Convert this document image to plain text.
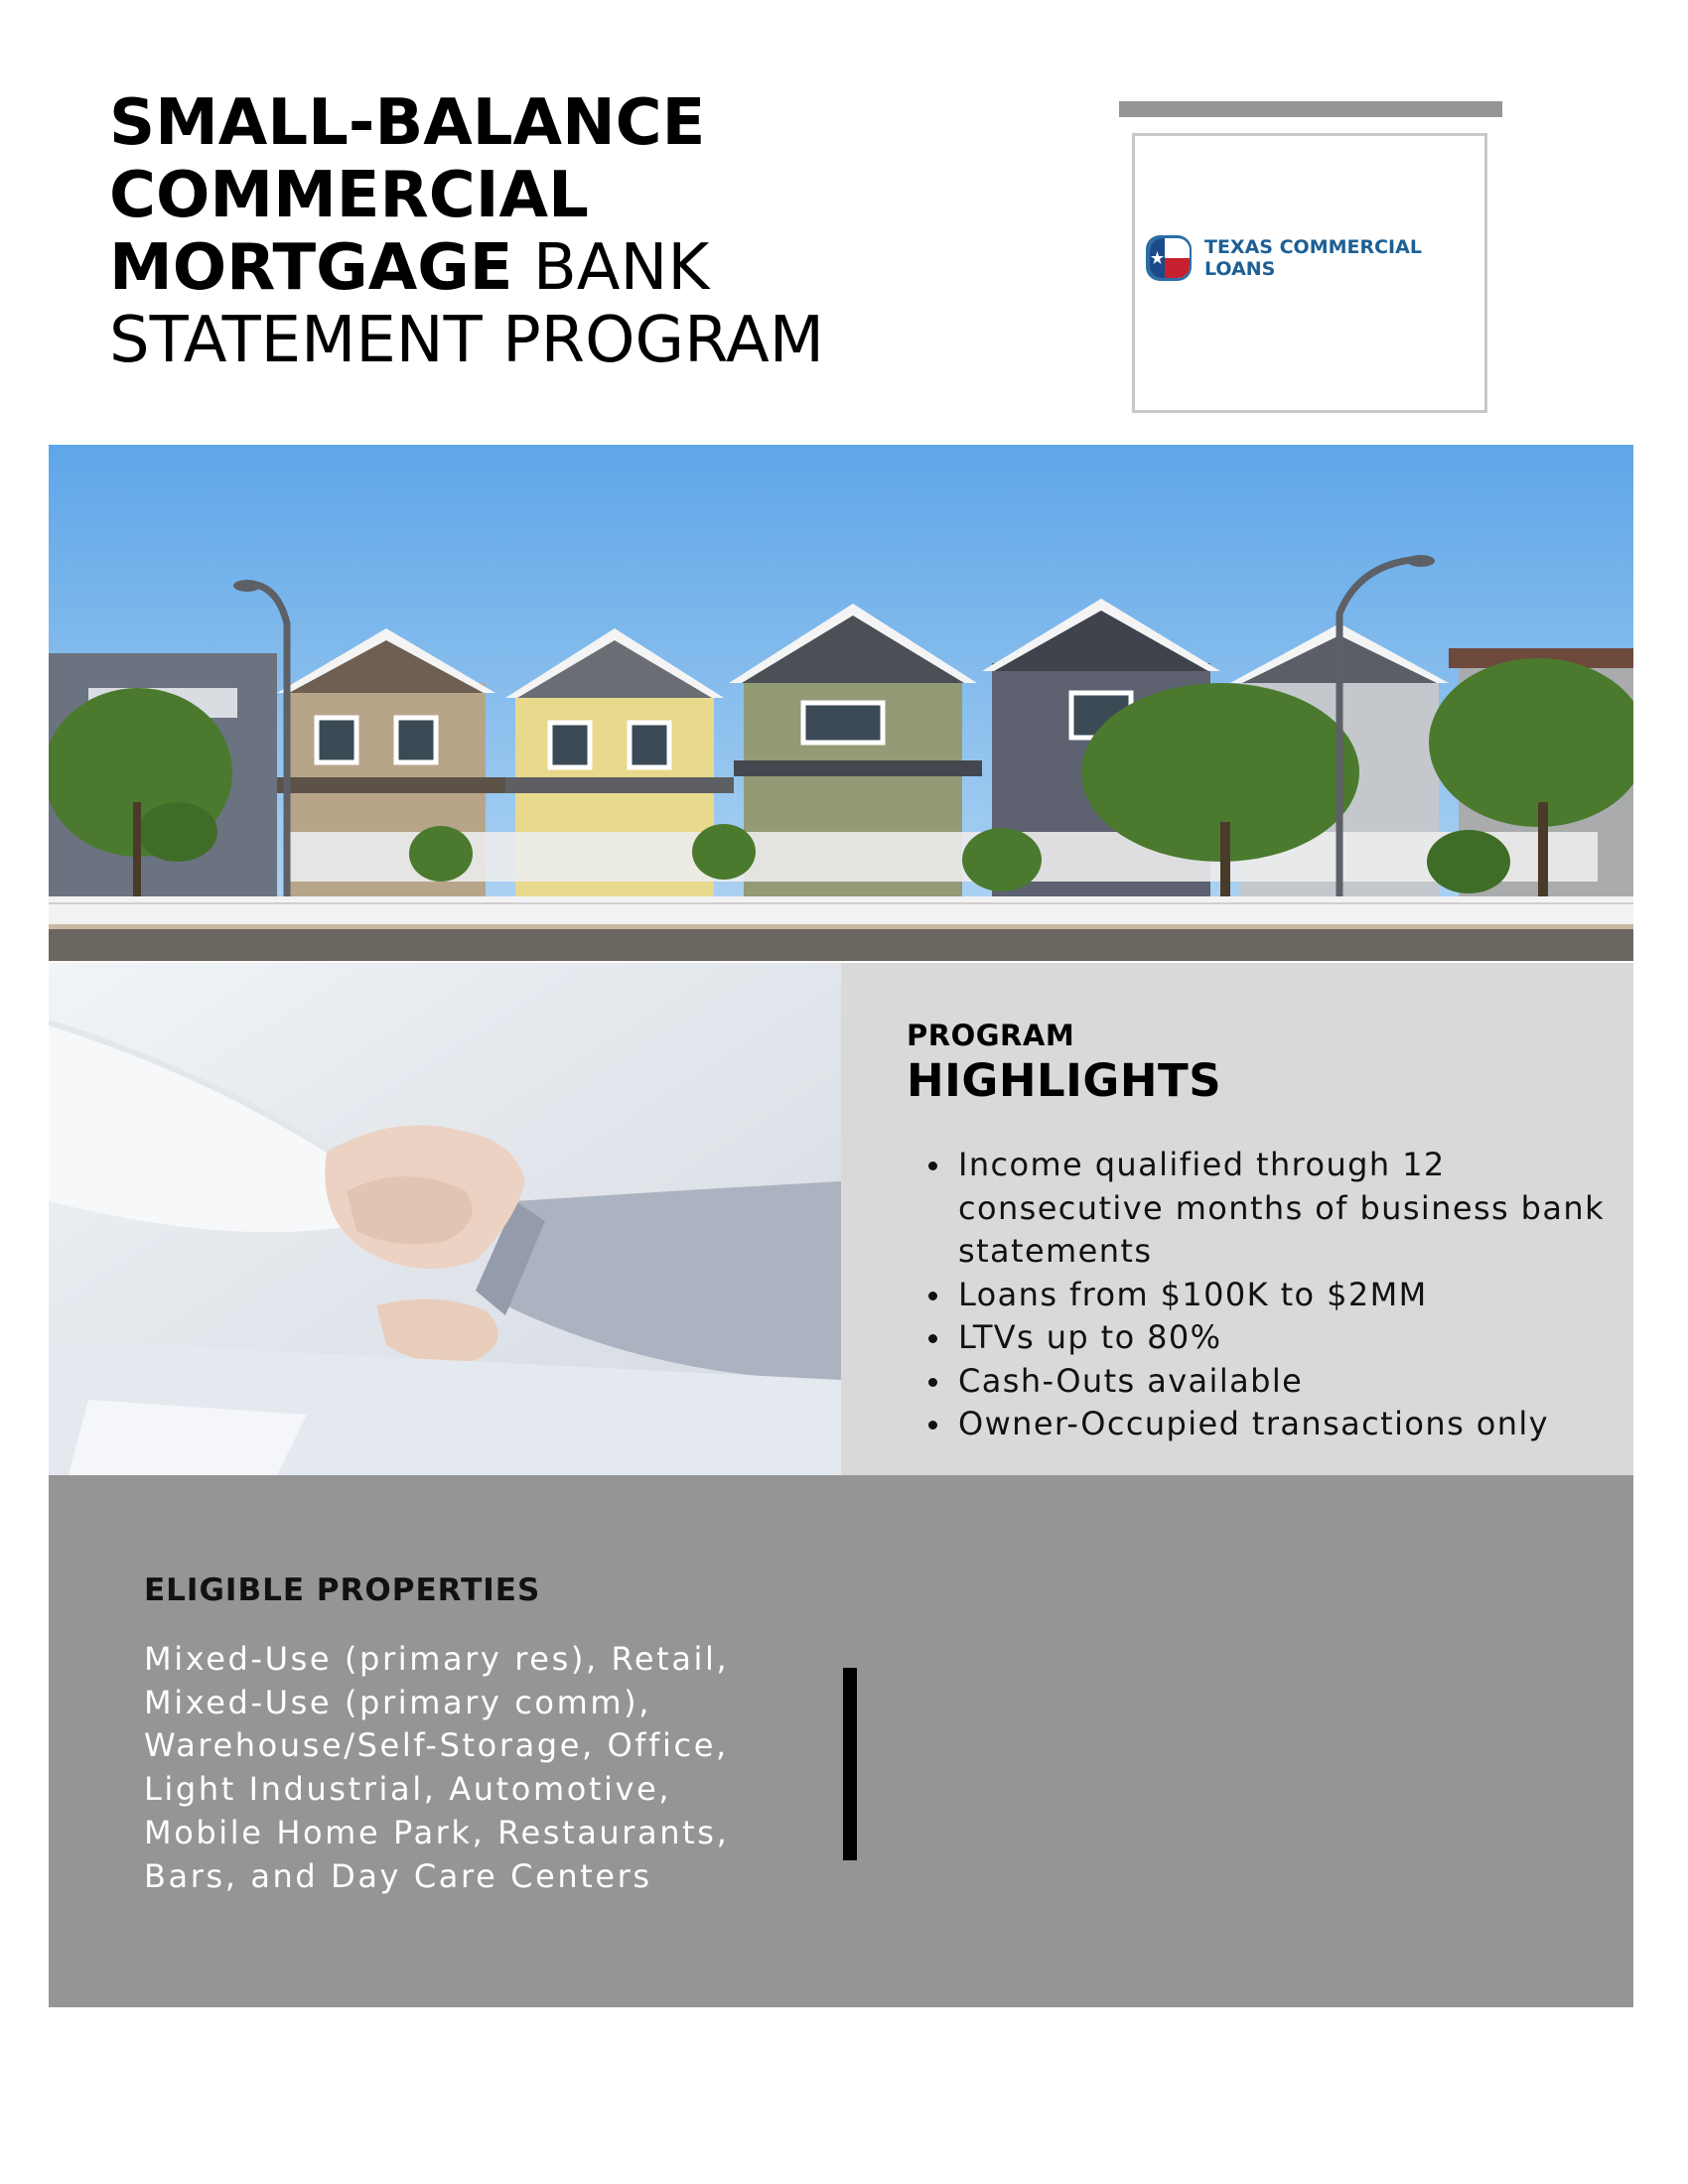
SMALL-BALANCE
COMMERCIAL
MORTGAGE BANK
STATEMENT PROGRAM
TEXAS COMMERCIAL LOANS
PROGRAM
HIGHLIGHTS
Income qualified through 12 consecutive months of business bank statements
Loans from $100K to $2MM
LTVs up to 80%
Cash-Outs available
Owner-Occupied transactions only
ELIGIBLE PROPERTIES
Mixed-Use (primary res), Retail, Mixed-Use (primary comm), Warehouse/Self-Storage, Office, Light Industrial, Automotive, Mobile Home Park, Restaurants, Bars, and Day Care Centers
